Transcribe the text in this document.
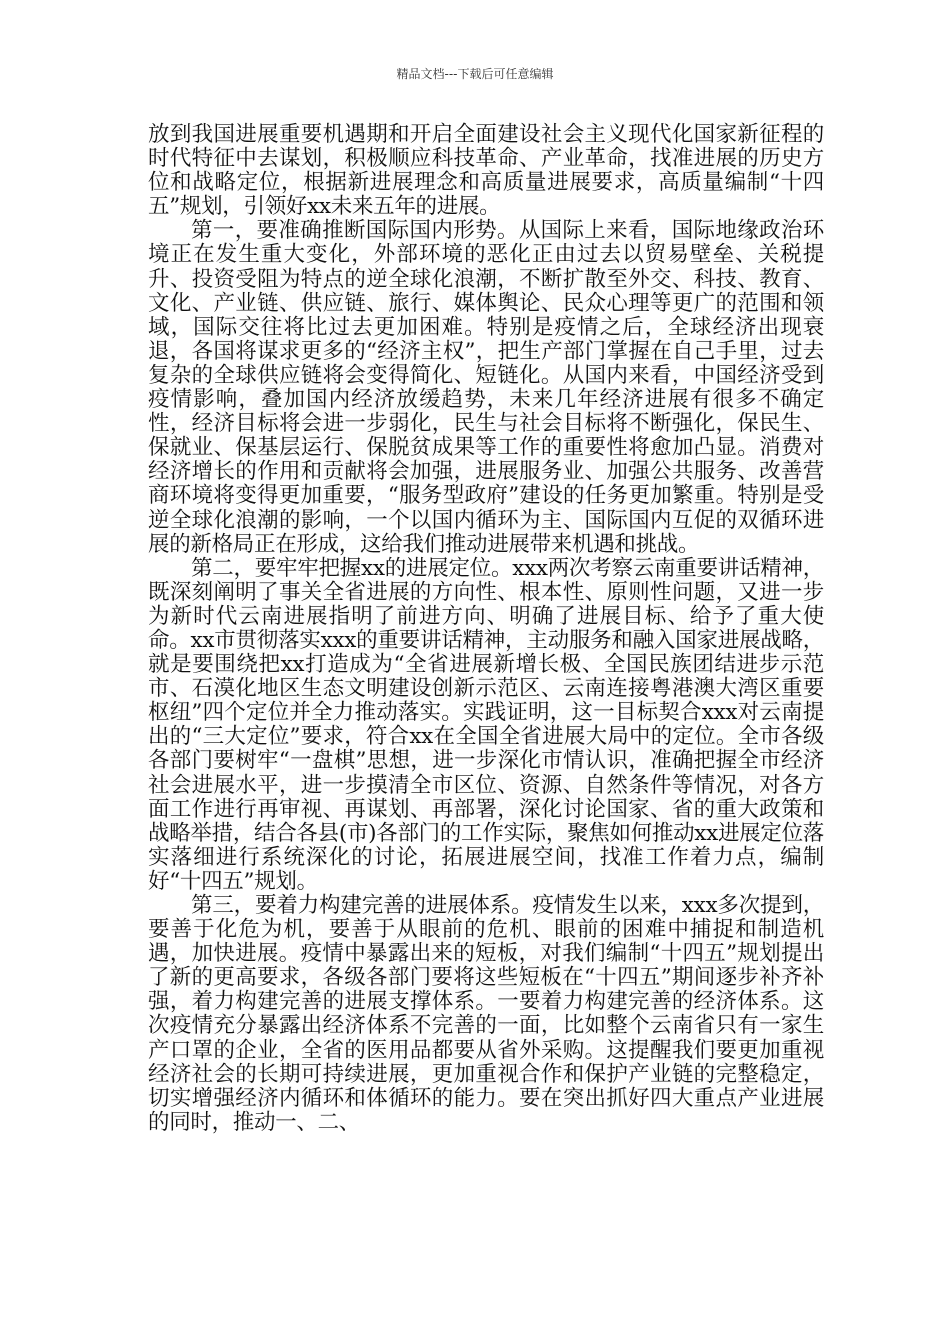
精品文档---下载后可任意编辑

放到我国进展重要机遇期和开启全面建设社会主义现代化国家新征程的时代特征中去谋划，积极顺应科技革命、产业革命，找准进展的历史方位和战略定位，根据新进展理念和高质量进展要求，高质量编制“十四五”规划，引领好xx未来五年的进展。

第一，要准确推断国际国内形势。从国际上来看，国际地缘政治环境正在发生重大变化，外部环境的恶化正由过去以贸易壁垒、关税提升、投资受阻为特点的逆全球化浪潮，不断扩散至外交、科技、教育、文化、产业链、供应链、旅行、媒体舆论、民众心理等更广的范围和领域，国际交往将比过去更加困难。特别是疫情之后，全球经济出现衰退，各国将谋求更多的“经济主权”，把生产部门掌握在自己手里，过去复杂的全球供应链将会变得简化、短链化。从国内来看，中国经济受到疫情影响，叠加国内经济放缓趋势，未来几年经济进展有很多不确定性，经济目标将会进一步弱化，民生与社会目标将不断强化，保民生、保就业、保基层运行、保脱贫成果等工作的重要性将愈加凸显。消费对经济增长的作用和贡献将会加强，进展服务业、加强公共服务、改善营商环境将变得更加重要，“服务型政府”建设的任务更加繁重。特别是受逆全球化浪潮的影响，一个以国内循环为主、国际国内互促的双循环进展的新格局正在形成，这给我们推动进展带来机遇和挑战。

第二，要牢牢把握xx的进展定位。xxx两次考察云南重要讲话精神，既深刻阐明了事关全省进展的方向性、根本性、原则性问题，又进一步为新时代云南进展指明了前进方向、明确了进展目标、给予了重大使命。xx市贯彻落实xxx的重要讲话精神，主动服务和融入国家进展战略，就是要围绕把xx打造成为“全省进展新增长极、全国民族团结进步示范市、石漠化地区生态文明建设创新示范区、云南连接粤港澳大湾区重要枢纽”四个定位并全力推动落实。实践证明，这一目标契合xxx对云南提出的“三大定位”要求，符合xx在全国全省进展大局中的定位。全市各级各部门要树牢“一盘棋”思想，进一步深化市情认识，准确把握全市经济社会进展水平，进一步摸清全市区位、资源、自然条件等情况，对各方面工作进行再审视、再谋划、再部署，深化讨论国家、省的重大政策和战略举措，结合各县(市)各部门的工作实际，聚焦如何推动xx进展定位落实落细进行系统深化的讨论，拓展进展空间，找准工作着力点，编制好“十四五”规划。

第三，要着力构建完善的进展体系。疫情发生以来，xxx多次提到，要善于化危为机，要善于从眼前的危机、眼前的困难中捕捉和制造机遇，加快进展。疫情中暴露出来的短板，对我们编制“十四五”规划提出了新的更高要求，各级各部门要将这些短板在“十四五”期间逐步补齐补强，着力构建完善的进展支撑体系。一要着力构建完善的经济体系。这次疫情充分暴露出经济体系不完善的一面，比如整个云南省只有一家生产口罩的企业，全省的医用品都要从省外采购。这提醒我们要更加重视经济社会的长期可持续进展，更加重视合作和保护产业链的完整稳定，切实增强经济内循环和体循环的能力。要在突出抓好四大重点产业进展的同时，推动一、二、
